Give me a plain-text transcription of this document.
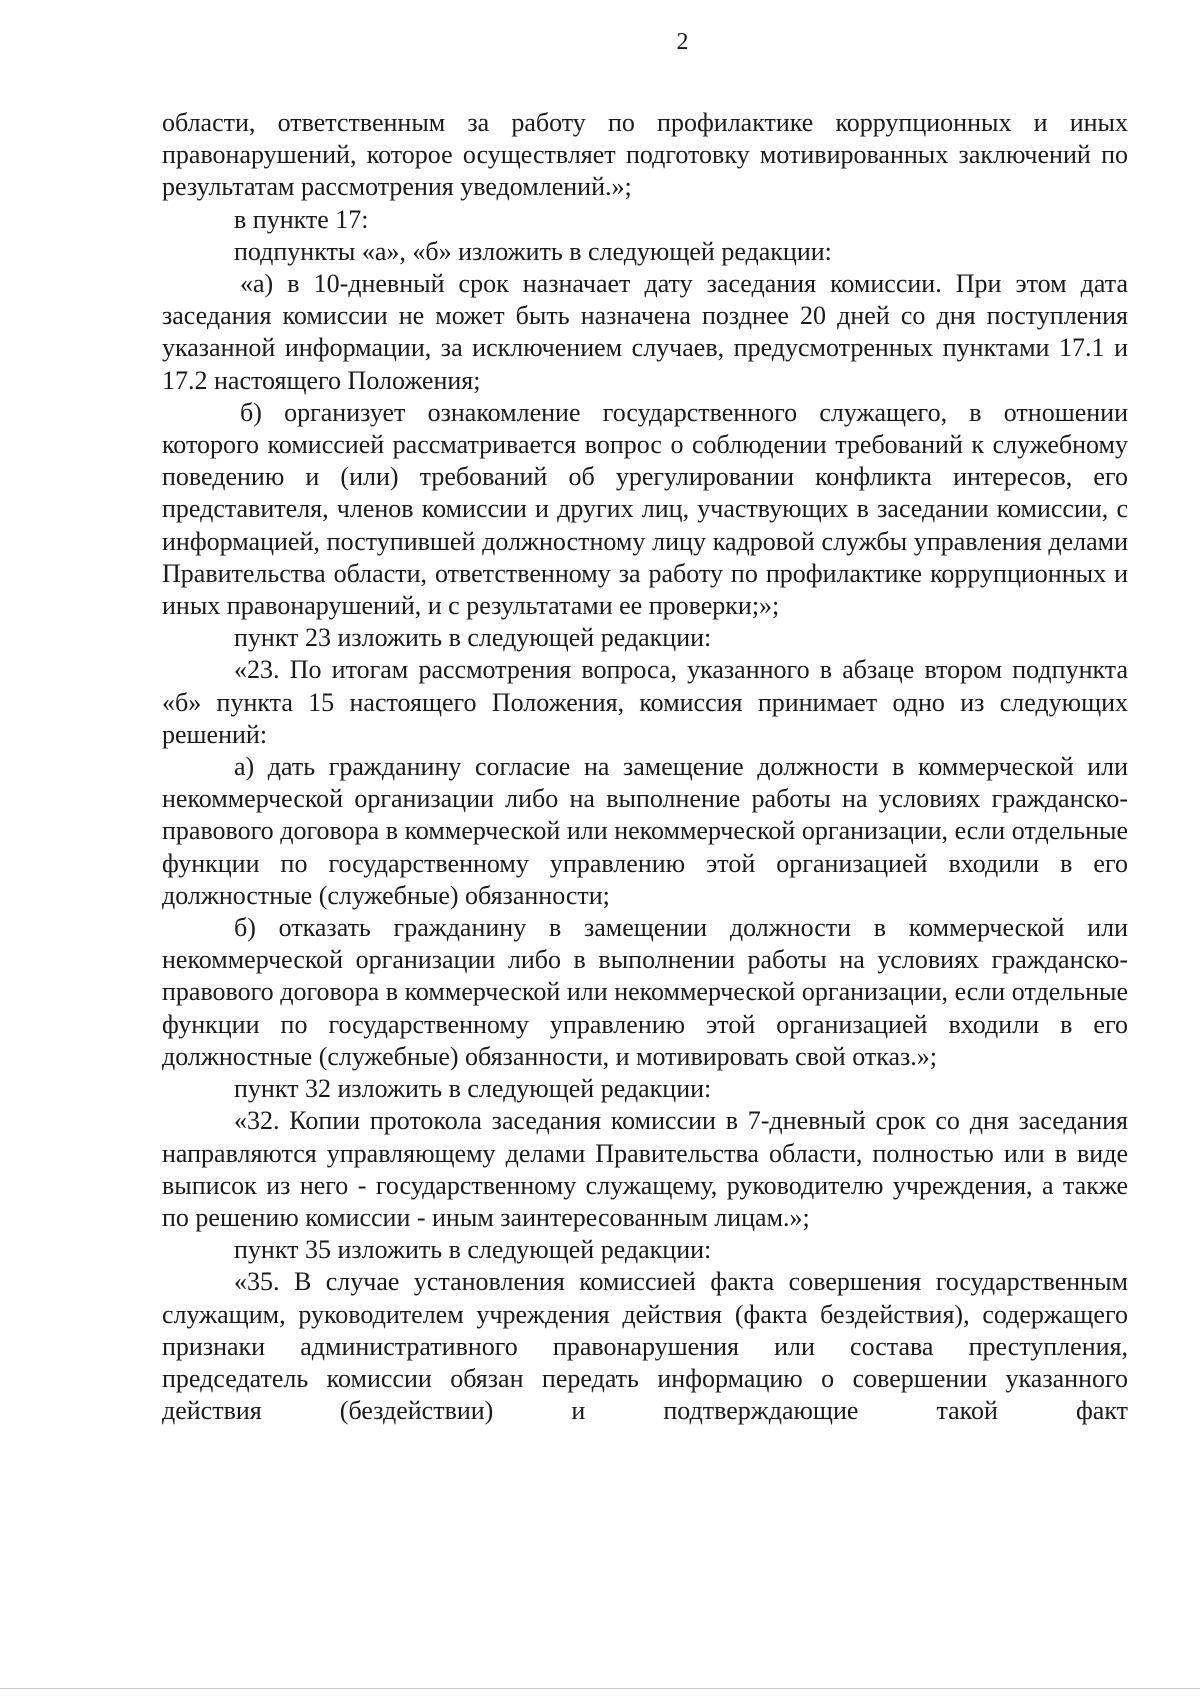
2

области, ответственным за работу по профилактике коррупционных и иных правонарушений, которое осуществляет подготовку мотивированных заключений по результатам рассмотрения уведомлений.»;

в пункте 17:

подпункты «а», «б» изложить в следующей редакции:

«а) в 10-дневный срок назначает дату заседания комиссии. При этом дата заседания комиссии не может быть назначена позднее 20 дней со дня поступления указанной информации, за исключением случаев, предусмотренных пунктами 17.1 и 17.2 настоящего Положения;

б) организует ознакомление государственного служащего, в отношении которого комиссией рассматривается вопрос о соблюдении требований к служебному поведению и (или) требований об урегулировании конфликта интересов, его представителя, членов комиссии и других лиц, участвующих в заседании комиссии, с информацией, поступившей должностному лицу кадровой службы управления делами Правительства области, ответственному за работу по профилактике коррупционных и иных правонарушений, и с результатами ее проверки;»;

пункт 23 изложить в следующей редакции:

«23. По итогам рассмотрения вопроса, указанного в абзаце втором подпункта «б» пункта 15 настоящего Положения, комиссия принимает одно из следующих решений:

а) дать гражданину согласие на замещение должности в коммерческой или некоммерческой организации либо на выполнение работы на условиях гражданско-правового договора в коммерческой или некоммерческой организации, если отдельные функции по государственному управлению этой организацией входили в его должностные (служебные) обязанности;

б) отказать гражданину в замещении должности в коммерческой или некоммерческой организации либо в выполнении работы на условиях гражданско-правового договора в коммерческой или некоммерческой организации, если отдельные функции по государственному управлению этой организацией входили в его должностные (служебные) обязанности, и мотивировать свой отказ.»;

пункт 32 изложить в следующей редакции:

«32. Копии протокола заседания комиссии в 7-дневный срок со дня заседания направляются управляющему делами Правительства области, полностью или в виде выписок из него - государственному служащему, руководителю учреждения, а также по решению комиссии - иным заинтересованным лицам.»;

пункт 35 изложить в следующей редакции:

«35. В случае установления комиссией факта совершения государственным служащим, руководителем учреждения действия (факта бездействия), содержащего признаки административного правонарушения или состава преступления, председатель комиссии обязан передать информацию о совершении указанного действия (бездействии) и подтверждающие такой факт
